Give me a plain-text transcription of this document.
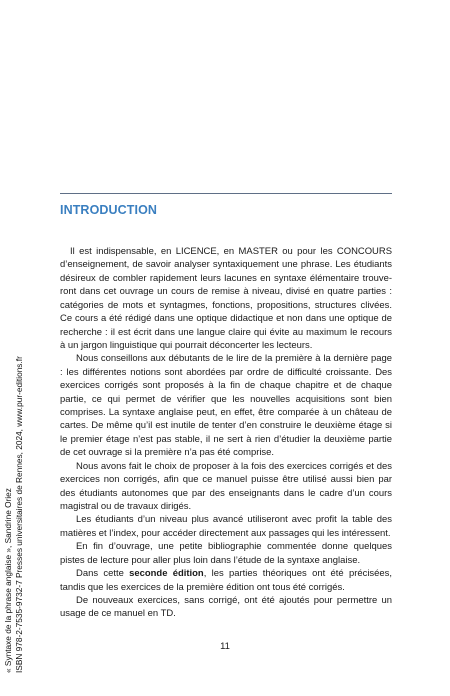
INTRODUCTION

Il est indispensable, en LICENCE, en MASTER ou pour les CONCOURS d’enseignement, de savoir analyser syntaxiquement une phrase. Les étudiants désireux de combler rapidement leurs lacunes en syntaxe élémentaire trouveront dans cet ouvrage un cours de remise à niveau, divisé en quatre parties : catégories de mots et syntagmes, fonctions, propositions, structures clivées. Ce cours a été rédigé dans une optique didactique et non dans une optique de recherche : il est écrit dans une langue claire qui évite au maximum le recours à un jargon linguistique qui pourrait déconcerter les lecteurs.

Nous conseillons aux débutants de le lire de la première à la dernière page : les différentes notions sont abordées par ordre de difficulté croissante. Des exercices corrigés sont proposés à la fin de chaque chapitre et de chaque partie, ce qui permet de vérifier que les nouvelles acquisitions sont bien comprises. La syntaxe anglaise peut, en effet, être comparée à un château de cartes. De même qu’il est inutile de tenter d’en construire le deuxième étage si le premier étage n’est pas stable, il ne sert à rien d’étudier la deuxième partie de cet ouvrage si la première n’a pas été comprise.

Nous avons fait le choix de proposer à la fois des exercices corrigés et des exercices non corrigés, afin que ce manuel puisse être utilisé aussi bien par des étudiants autonomes que par des enseignants dans le cadre d’un cours magistral ou de travaux dirigés.

Les étudiants d’un niveau plus avancé utiliseront avec profit la table des matières et l’index, pour accéder directement aux passages qui les intéressent.

En fin d’ouvrage, une petite bibliographie commentée donne quelques pistes de lecture pour aller plus loin dans l’étude de la syntaxe anglaise.

Dans cette seconde édition, les parties théoriques ont été précisées, tandis que les exercices de la première édition ont tous été corrigés.

De nouveaux exercices, sans corrigé, ont été ajoutés pour permettre un usage de ce manuel en TD.

11
« Syntaxe de la phrase anglaise », Sandrine Oriez ISBN 978-2-7535-9732-7 Presses universitaires de Rennes, 2024, www.pur-editions.fr
